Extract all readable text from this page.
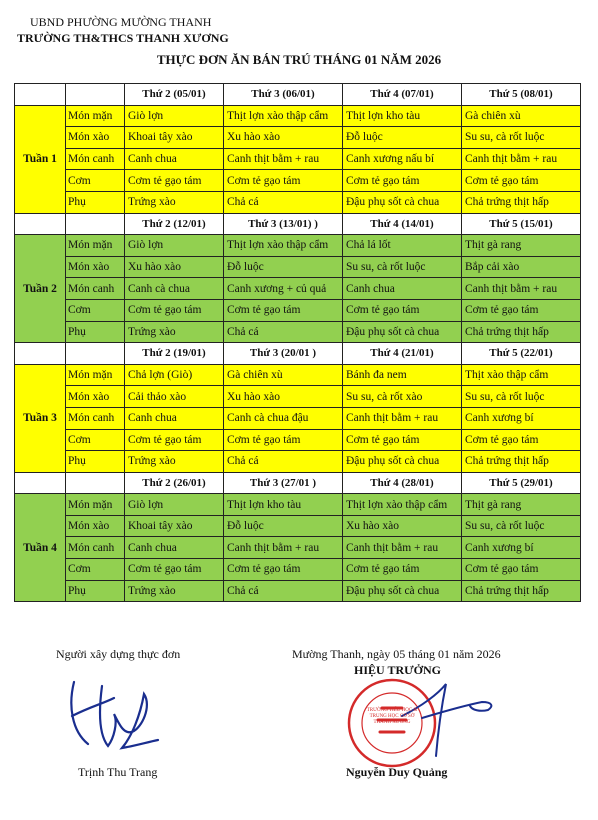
UBND PHƯỜNG MƯỜNG THANH
TRƯỜNG TH&THCS THANH XƯƠNG
THỰC ĐƠN ĂN BÁN TRÚ THÁNG 01 NĂM 2026
		Thứ 2 (05/01)	Thứ 3 (06/01)	Thứ 4 (07/01)	Thứ 5 (08/01)
Tuần 1	Món mặn	Giò lợn	Thịt lợn xào thập cẩm	Thịt lợn kho tàu	Gà chiên xù
	Món xào	Khoai tây xào	Xu hào xào	Đỗ luộc	Su su, cà rốt luộc
	Món canh	Canh chua	Canh thịt bằm + rau	Canh xương nấu bí	Canh thịt bằm + rau
	Cơm	Cơm tẻ gạo tám	Cơm tẻ gạo tám	Cơm tẻ gạo tám	Cơm tẻ gạo tám
	Phụ	Trứng xào	Chả cá	Đậu phụ sốt cà chua	Chả trứng thịt hấp
		Thứ 2 (12/01)	Thứ 3 (13/01) )	Thứ 4 (14/01)	Thứ 5 (15/01)
Tuần 2	Món mặn	Giò lợn	Thịt lợn xào thập cẩm	Chả lá lốt	Thịt gà rang
	Món xào	Xu hào xào	Đỗ luộc	Su su, cà rốt luộc	Bắp cải xào
	Món canh	Canh cà chua	Canh xương + củ quả	Canh chua	Canh thịt bằm + rau
	Cơm	Cơm tẻ gạo tám	Cơm tẻ gạo tám	Cơm tẻ gạo tám	Cơm tẻ gạo tám
	Phụ	Trứng xào	Chả cá	Đậu phụ sốt cà chua	Chả trứng thịt hấp
		Thứ 2 (19/01)	Thứ 3 (20/01 )	Thứ 4 (21/01)	Thứ 5 (22/01)
Tuần 3	Món mặn	Chả lợn (Giò)	Gà chiên xù	Bánh đa nem	Thịt xào thập cẩm
	Món xào	Cải thảo xào	Xu hào xào	Su su, cà rốt xào	Su su, cà rốt luộc
	Món canh	Canh chua	Canh cà chua đậu	Canh thịt bằm + rau	Canh xương bí
	Cơm	Cơm tẻ gạo tám	Cơm tẻ gạo tám	Cơm tẻ gạo tám	Cơm tẻ gạo tám
	Phụ	Trứng xào	Chả cá	Đậu phụ sốt cà chua	Chả trứng thịt hấp
		Thứ 2 (26/01)	Thứ 3 (27/01 )	Thứ 4 (28/01)	Thứ 5 (29/01)
Tuần 4	Món mặn	Giò lợn	Thịt lợn kho tàu	Thịt lợn xào thập cẩm	Thịt gà rang
	Món xào	Khoai tây xào	Đỗ luộc	Xu hào xào	Su su, cà rốt luộc
	Món canh	Canh chua	Canh thịt bằm + rau	Canh thịt bằm + rau	Canh xương bí
	Cơm	Cơm tẻ gạo tám	Cơm tẻ gạo tám	Cơm tẻ gạo tám	Cơm tẻ gạo tám
	Phụ	Trứng xào	Chả cá	Đậu phụ sốt cà chua	Chả trứng thịt hấp
Người xây dựng thực đơn	Mường Thanh, ngày 05 tháng 01 năm 2026
HIỆU TRƯỞNG
TRƯỜNG TIỂU HỌC & TRUNG HỌC CƠ SỞ THANH XƯƠNG
Trịnh Thu Trang	Nguyễn Duy Quảng
